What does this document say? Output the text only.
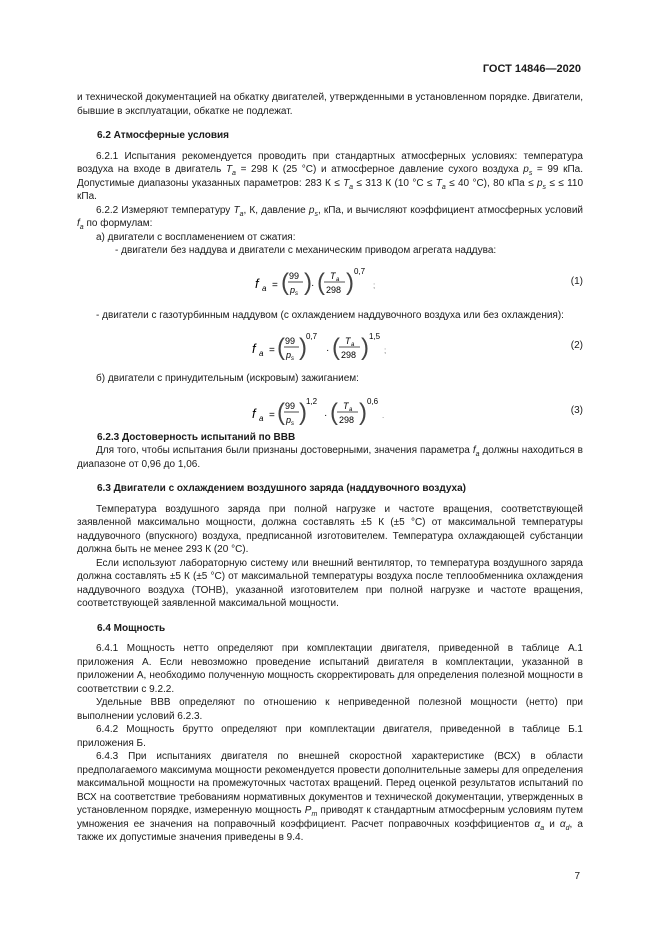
ГОСТ 14846—2020

и технической документацией на обкатку двигателей, утвержденными в установленном порядке. Двигатели, бывшие в эксплуатации, обкатке не подлежат.

6.2 Атмосферные условия

6.2.1 Испытания рекомендуется проводить при стандартных атмосферных условиях: температура воздуха на входе в двигатель $T_a = 298$ К (25 °C) и атмосферное давление сухого воздуха $p_s = 99$ кПа. Допустимые диапазоны указанных параметров: 283 $К \le T_a \le 313$ К (10 $^\circ C \le T_a \le 40$ °C), 80 кПа ≤ $p_s$ ≤ ≤ 110 кПа.

6.2.2 Измеряют температуру $T_a$, К, давление $p_s$, кПа, и вычисляют коэффициент атмосферных условий $f_a$ по формулам:

а) двигатели с воспламенением от сжатия:

- двигатели без наддува и двигатели с механическим приводом агрегата наддува:

f a = ( 99
p s ) · ( T a
298 ) 0,7
;	(1)

- двигатели с газотурбинным наддувом (с охлаждением наддувочного воздуха или без охлаждения):

f a = ( 99
p s ) 0,7
· ( T a
298 ) 1,5
;	(2)

б) двигатели с принудительным (искровым) зажиганием:

f a = ( 99
p s ) 1,2
· ( T a
298 ) 0,6
.	(3)

6.2.3 Достоверность испытаний по ВВВ

Для того, чтобы испытания были признаны достоверными, значения параметра $f_a$ должны находиться в диапазоне от 0,96 до 1,06.

6.3 Двигатели с охлаждением воздушного заряда (наддувочного воздуха)

Температура воздушного заряда при полной нагрузке и частоте вращения, соответствующей заявленной максимально мощности, должна составлять ±5 К (±5 °C) от максимальной температуры наддувочного (впускного) воздуха, предписанной изготовителем. Температура охлаждающей субстанции должна быть не менее 293 К (20 °C).

Если используют лабораторную систему или внешний вентилятор, то температура воздушного заряда должна составлять ±5 К (±5 °C) от максимальной температуры воздуха после теплообменника охлаждения наддувочного воздуха (ТОНВ), указанной изготовителем при полной нагрузке и частоте вращения, соответствующей заявленной максимальной мощности.

6.4 Мощность

6.4.1 Мощность нетто определяют при комплектации двигателя, приведенной в таблице А.1 приложения А. Если невозможно проведение испытаний двигателя в комплектации, указанной в приложении А, необходимо полученную мощность скорректировать для определения полезной мощности в соответствии с 9.2.2.

Удельные ВВВ определяют по отношению к неприведенной полезной мощности (нетто) при выполнении условий 6.2.3.

6.4.2 Мощность брутто определяют при комплектации двигателя, приведенной в таблице Б.1 приложения Б.

6.4.3 При испытаниях двигателя по внешней скоростной характеристике (ВСХ) в области предполагаемого максимума мощности рекомендуется провести дополнительные замеры для определения максимальной мощности на промежуточных частотах вращений. Перед оценкой результатов испытаний по ВСХ на соответствие требованиям нормативных документов и технической документации, утвержденных в установленном порядке, измеренную мощность $P_m$ приводят к стандартным атмосферным условиям путем умножения ее значения на поправочный коэффициент. Расчет поправочных коэффициентов $\alpha_a$ и $\alpha_d$, а также их допустимые значения приведены в 9.4.

7
